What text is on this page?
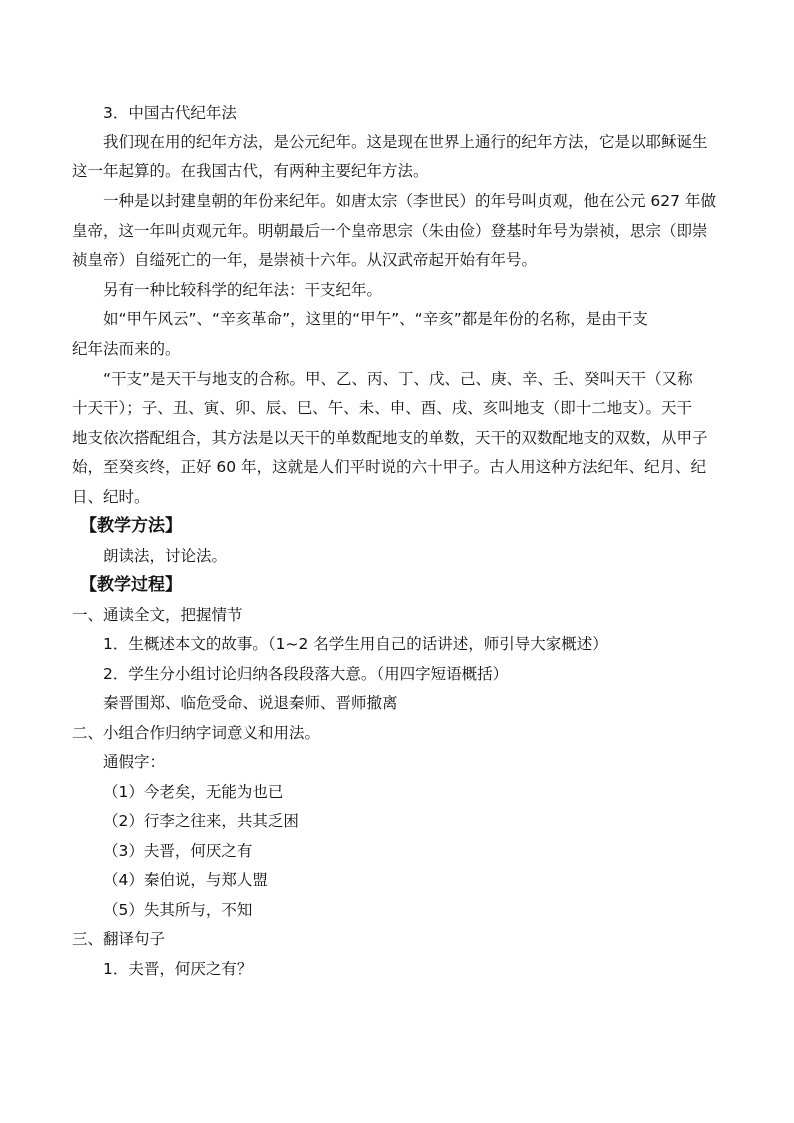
3．中国古代纪年法
我们现在用的纪年方法，是公元纪年。这是现在世界上通行的纪年方法，它是以耶稣诞生
这一年起算的。在我国古代，有两种主要纪年方法。
一种是以封建皇朝的年份来纪年。如唐太宗（李世民）的年号叫贞观，他在公元 627 年做
皇帝，这一年叫贞观元年。明朝最后一个皇帝思宗（朱由俭）登基时年号为崇祯，思宗（即崇
祯皇帝）自缢死亡的一年，是崇祯十六年。从汉武帝起开始有年号。
另有一种比较科学的纪年法：干支纪年。
如“甲午风云”、“辛亥革命”，这里的“甲午”、“辛亥”都是年份的名称，是由干支
纪年法而来的。
“干支”是天干与地支的合称。甲、乙、丙、丁、戊、己、庚、辛、壬、癸叫天干（又称
十天干）；子、丑、寅、卯、辰、巳、午、未、申、酉、戌、亥叫地支（即十二地支）。天干
地支依次搭配组合，其方法是以天干的单数配地支的单数，天干的双数配地支的双数，从甲子
始，至癸亥终，正好 60 年，这就是人们平时说的六十甲子。古人用这种方法纪年、纪月、纪
日、纪时。
【教学方法】
朗读法，讨论法。
【教学过程】
一、通读全文，把握情节
1．生概述本文的故事。（1~2 名学生用自己的话讲述，师引导大家概述）
2．学生分小组讨论归纳各段段落大意。（用四字短语概括）
秦晋围郑、临危受命、说退秦师、晋师撤离
二、小组合作归纳字词意义和用法。
通假字：
（1）今老矣，无能为也已
（2）行李之往来，共其乏困
（3）夫晋，何厌之有
（4）秦伯说，与郑人盟
（5）失其所与，不知
三、翻译句子
1．夫晋，何厌之有？
